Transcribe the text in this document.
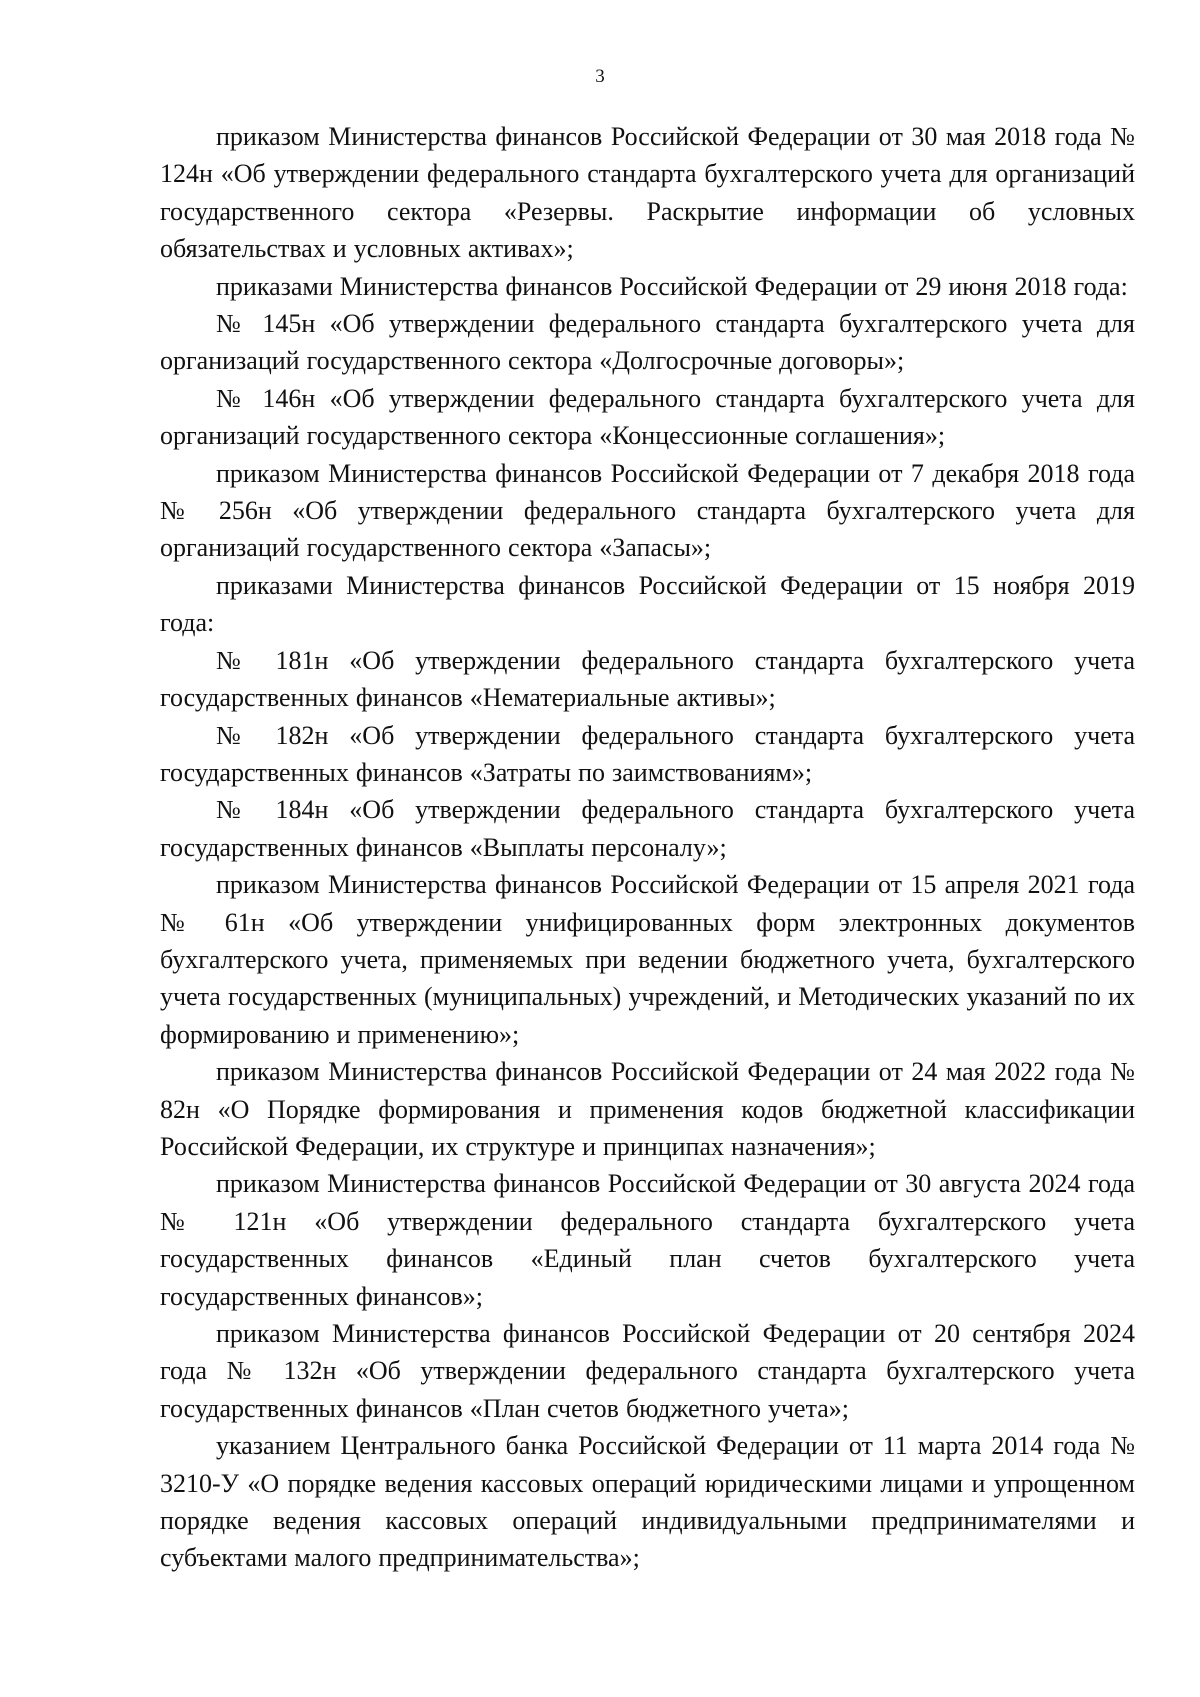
3

приказом Министерства финансов Российской Федерации от 30 мая 2018 года № 124н «Об утверждении федерального стандарта бухгалтерского учета для организаций государственного сектора «Резервы. Раскрытие информации об условных обязательствах и условных активах»;

приказами Министерства финансов Российской Федерации от 29 июня 2018 года:

№ 145н «Об утверждении федерального стандарта бухгалтерского учета для организаций государственного сектора «Долгосрочные договоры»;

№ 146н «Об утверждении федерального стандарта бухгалтерского учета для организаций государственного сектора «Концессионные соглашения»;

приказом Министерства финансов Российской Федерации от 7 декабря 2018 года № 256н «Об утверждении федерального стандарта бухгалтерского учета для организаций государственного сектора «Запасы»;

приказами Министерства финансов Российской Федерации от 15 ноября 2019 года:

№ 181н «Об утверждении федерального стандарта бухгалтерского учета государственных финансов «Нематериальные активы»;

№ 182н «Об утверждении федерального стандарта бухгалтерского учета государственных финансов «Затраты по заимствованиям»;

№ 184н «Об утверждении федерального стандарта бухгалтерского учета государственных финансов «Выплаты персоналу»;

приказом Министерства финансов Российской Федерации от 15 апреля 2021 года № 61н «Об утверждении унифицированных форм электронных документов бухгалтерского учета, применяемых при ведении бюджетного учета, бухгалтерского учета государственных (муниципальных) учреждений, и Методических указаний по их формированию и применению»;

приказом Министерства финансов Российской Федерации от 24 мая 2022 года № 82н «О Порядке формирования и применения кодов бюджетной классификации Российской Федерации, их структуре и принципах назначения»;

приказом Министерства финансов Российской Федерации от 30 августа 2024 года № 121н «Об утверждении федерального стандарта бухгалтерского учета государственных финансов «Единый план счетов бухгалтерского учета государственных финансов»;

приказом Министерства финансов Российской Федерации от 20 сентября 2024 года № 132н «Об утверждении федерального стандарта бухгалтерского учета государственных финансов «План счетов бюджетного учета»;

указанием Центрального банка Российской Федерации от 11 марта 2014 года № 3210-У «О порядке ведения кассовых операций юридическими лицами и упрощенном порядке ведения кассовых операций индивидуальными предпринимателями и субъектами малого предпринимательства»;
